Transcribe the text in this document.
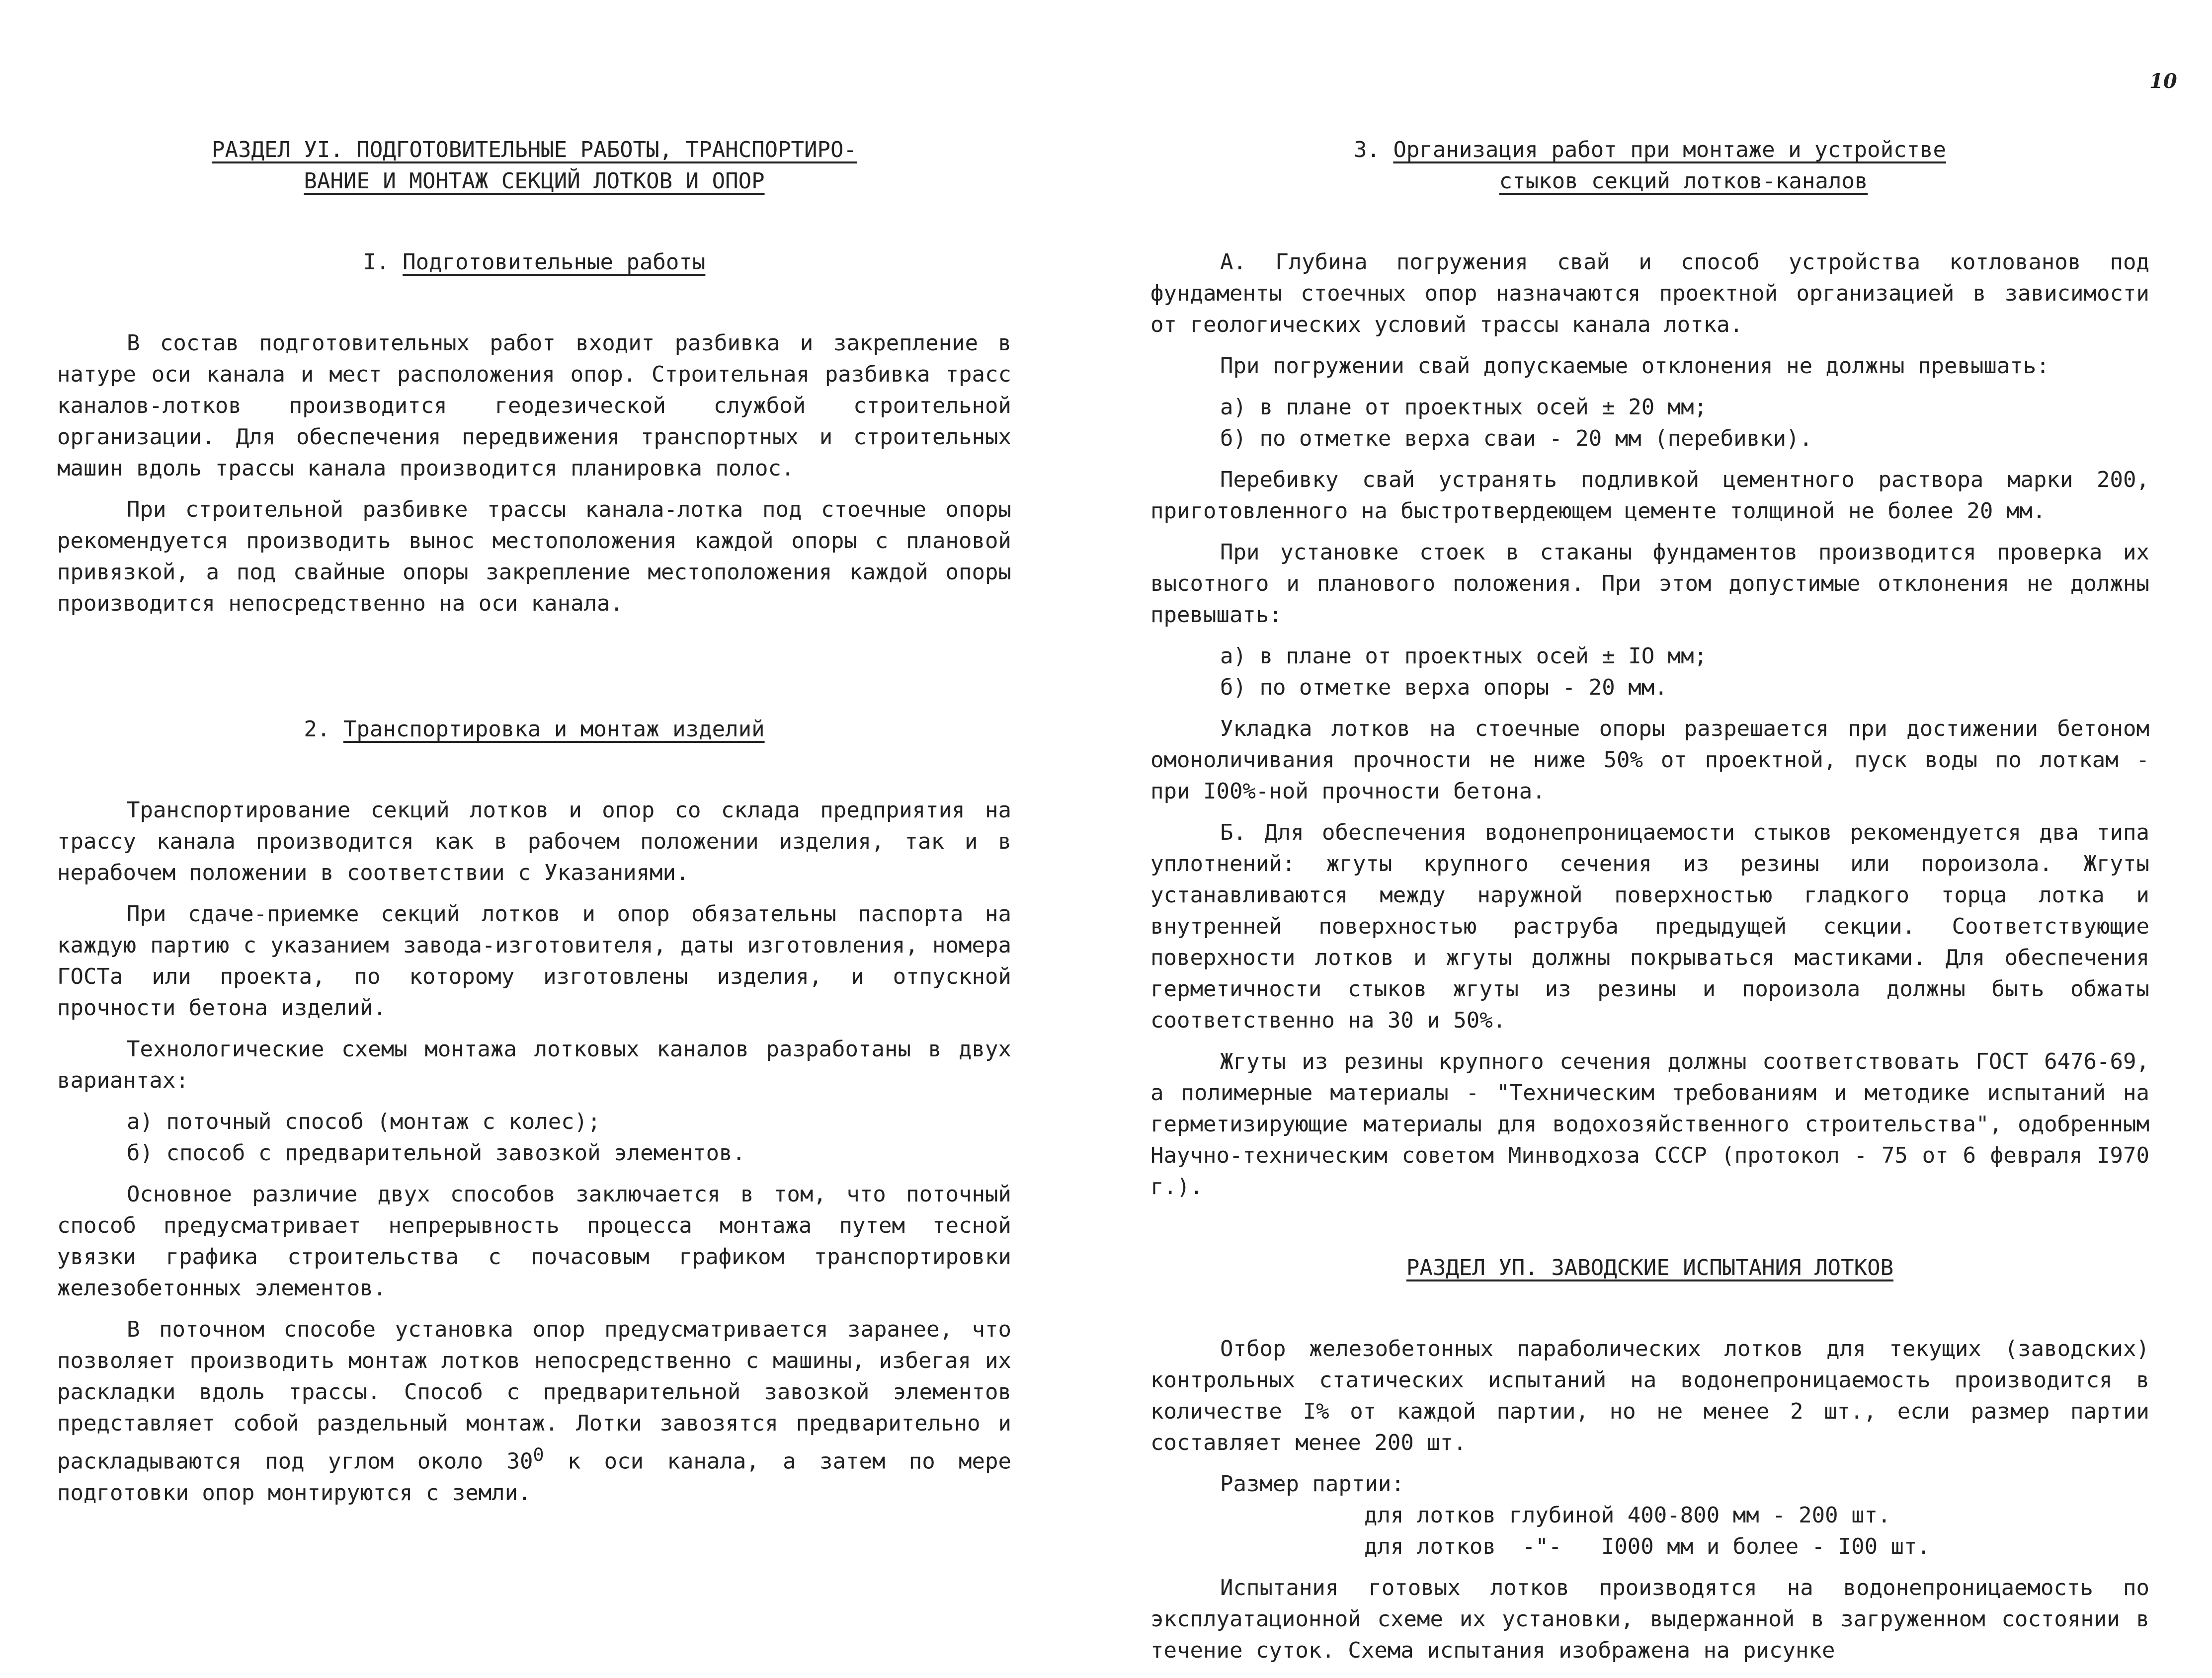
10
РАЗДЕЛ УI. ПОДГОТОВИТЕЛЬНЫЕ РАБОТЫ, ТРАНСПОРТИРО-
ВАНИЕ И МОНТАЖ СЕКЦИЙ ЛОТКОВ И ОПОР
I. Подготовительные работы

В состав подготовительных работ входит разбивка и закрепление в натуре оси канала и мест расположения опор. Строительная разбивка трасс каналов-лотков производится геодезической службой строительной организации. Для обеспечения передвижения транспортных и строительных машин вдоль трассы канала производится планировка полос.

При строительной разбивке трассы канала-лотка под стоечные опоры рекомендуется производить вынос местоположения каждой опоры с плановой привязкой, а под свайные опоры закрепление местоположения каждой опоры производится непосредственно на оси канала.

2. Транспортировка и монтаж изделий

Транспортирование секций лотков и опор со склада предприятия на трассу канала производится как в рабочем положении изделия, так и в нерабочем положении в соответствии с Указаниями.

При сдаче-приемке секций лотков и опор обязательны паспорта на каждую партию с указанием завода-изготовителя, даты изготовления, номера ГОСТа или проекта, по которому изготовлены изделия, и отпускной прочности бетона изделий.

Технологические схемы монтажа лотковых каналов разработаны в двух вариантах:

а) поточный способ (монтаж с колес);
б) способ с предварительной завозкой элементов.

Основное различие двух способов заключается в том, что поточный способ предусматривает непрерывность процесса монтажа путем тесной увязки графика строительства с почасовым графиком транспортировки железобетонных элементов.

В поточном способе установка опор предусматривается заранее, что позволяет производить монтаж лотков непосредственно с машины, избегая их раскладки вдоль трассы. Способ с предварительной завозкой элементов представляет собой раздельный монтаж. Лотки завозятся предварительно и раскладываются под углом около $30^0$ к оси канала, а затем по мере подготовки опор монтируются с земли.

3. Организация работ при монтаже и устройстве
стыков секций лотков-каналов

А. Глубина погружения свай и способ устройства котлованов под фундаменты стоечных опор назначаются проектной организацией в зависимости от геологических условий трассы канала лотка.

При погружении свай допускаемые отклонения не должны превышать:

а) в плане от проектных осей ± 20 мм;
б) по отметке верха сваи - 20 мм (перебивки).

Перебивку свай устранять подливкой цементного раствора марки 200, приготовленного на быстротвердеющем цементе толщиной не более 20 мм.

При установке стоек в стаканы фундаментов производится проверка их высотного и планового положения. При этом допустимые отклонения не должны превышать:

а) в плане от проектных осей ± IO мм;
б) по отметке верха опоры - 20 мм.

Укладка лотков на стоечные опоры разрешается при достижении бетоном омоноличивания прочности не ниже 50% от проектной, пуск воды по лоткам - при I00%-ной прочности бетона.

Б. Для обеспечения водонепроницаемости стыков рекомендуется два типа уплотнений: жгуты крупного сечения из резины или пороизола. Жгуты устанавливаются между наружной поверхностью гладкого торца лотка и внутренней поверхностью раструба предыдущей секции. Соответствующие поверхности лотков и жгуты должны покрываться мастиками. Для обеспечения герметичности стыков жгуты из резины и пороизола должны быть обжаты соответственно на 30 и 50%.

Жгуты из резины крупного сечения должны соответствовать ГОСТ 6476-69, а полимерные материалы - "Техническим требованиям и методике испытаний на герметизирующие материалы для водохозяйственного строительства", одобренным Научно-техническим советом Минводхоза СССР (протокол - 75 от 6 февраля I970 г.).

РАЗДЕЛ УП. ЗАВОДСКИЕ ИСПЫТАНИЯ ЛОТКОВ

Отбор железобетонных параболических лотков для текущих (заводских) контрольных статических испытаний на водонепроницаемость производится в количестве I% от каждой партии, но не менее 2 шт., если размер партии составляет менее 200 шт.

Размер партии:

для лотков глубиной 400-800 мм - 200 шт.
для лотков  -"-   I000 мм и более - I00 шт.

Испытания готовых лотков производятся на водонепроницаемость по эксплуатационной схеме их установки, выдержанной в загруженном состоянии в течение суток. Схема испытания изображена на рисунке
